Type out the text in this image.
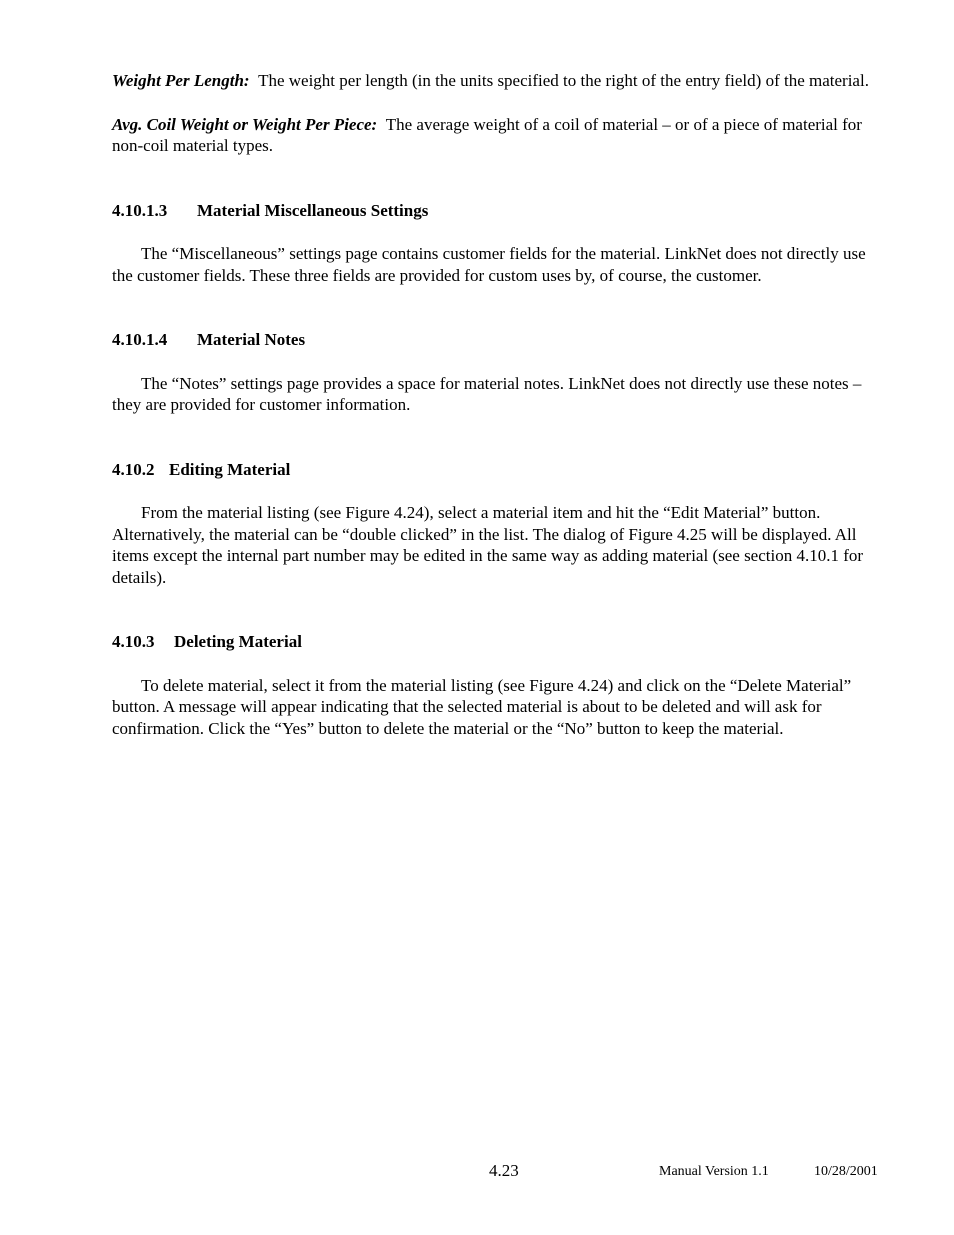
Weight Per Length: The weight per length (in the units specified to the right of the entry field) of the material.

Avg. Coil Weight or Weight Per Piece: The average weight of a coil of material – or of a piece of material for non-coil material types.

4.10.1.3 Material Miscellaneous Settings

The “Miscellaneous” settings page contains customer fields for the material. LinkNet does not directly use the customer fields. These three fields are provided for custom uses by, of course, the customer.

4.10.1.4 Material Notes

The “Notes” settings page provides a space for material notes. LinkNet does not directly use these notes – they are provided for customer information.

4.10.2 Editing Material

From the material listing (see Figure 4.24), select a material item and hit the “Edit Material” button. Alternatively, the material can be “double clicked” in the list. The dialog of Figure 4.25 will be displayed. All items except the internal part number may be edited in the same way as adding material (see section 4.10.1 for details).

4.10.3 Deleting Material

To delete material, select it from the material listing (see Figure 4.24) and click on the “Delete Material” button. A message will appear indicating that the selected material is about to be deleted and will ask for confirmation. Click the “Yes” button to delete the material or the “No” button to keep the material.

4.23	Manual Version 1.1	10/28/2001
